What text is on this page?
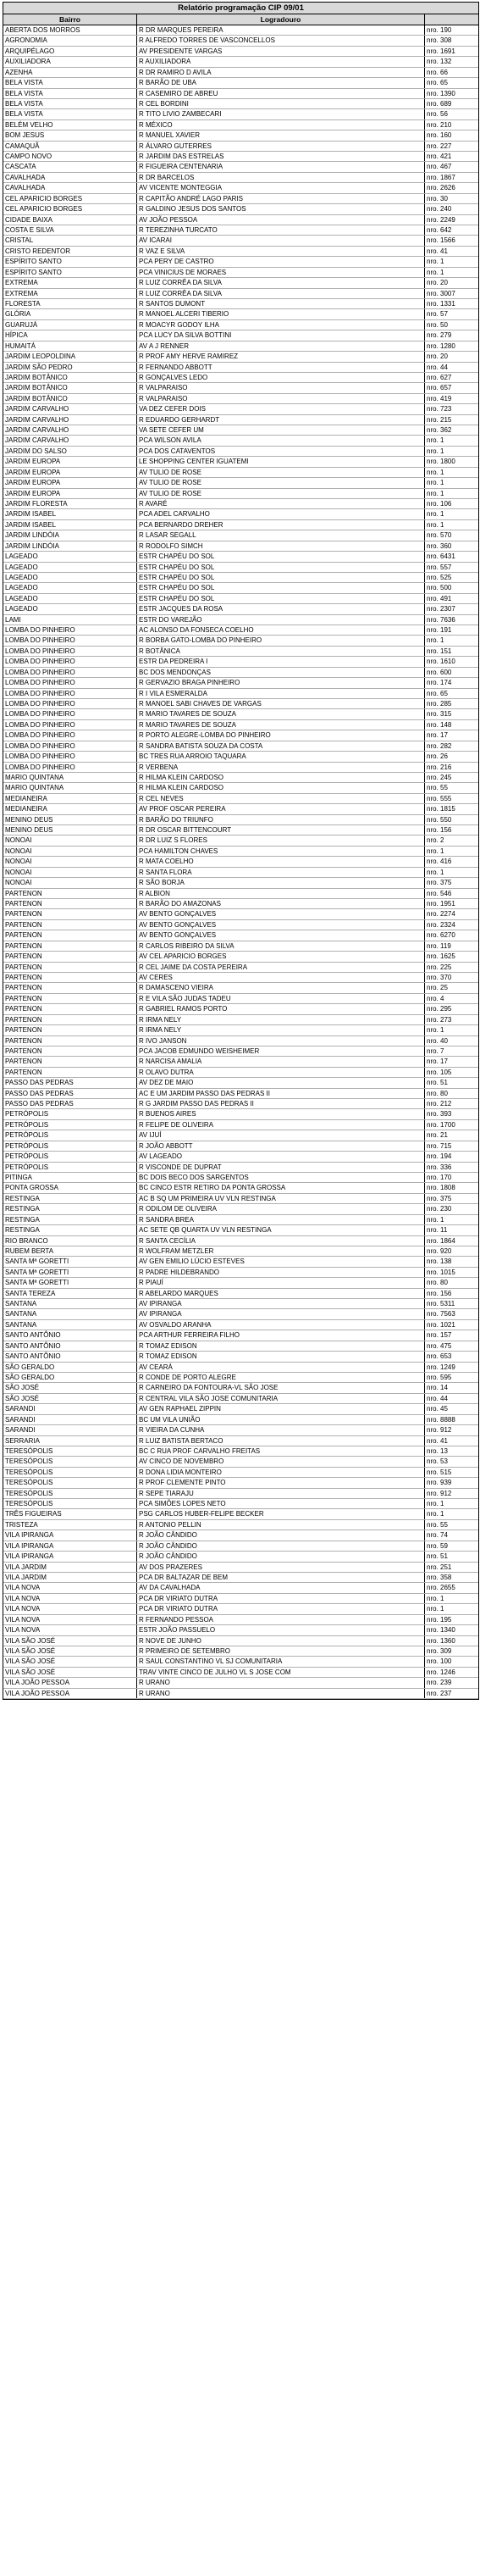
Relatório programação CIP 09/01
Bairro	Logradouro
ABERTA DOS MORROS	R DR MARQUES PEREIRA	nro. 190
AGRONOMIA	R ALFREDO TORRES DE VASCONCELLOS	nro. 308
ARQUIPÉLAGO	AV PRESIDENTE VARGAS	nro. 1691
AUXILIADORA	R AUXILIADORA	nro. 132
AZENHA	R DR RAMIRO D AVILA	nro. 66
BELA VISTA	R BARÃO DE UBA	nro. 65
BELA VISTA	R CASEMIRO DE ABREU	nro. 1390
BELA VISTA	R CEL BORDINI	nro. 689
BELA VISTA	R TITO LIVIO ZAMBECARI	nro. 56
BELÉM VELHO	R MÉXICO	nro. 210
BOM JESUS	R MANUEL XAVIER	nro. 160
CAMAQUÃ	R ÁLVARO GUTERRES	nro. 227
CAMPO NOVO	R JARDIM DAS ESTRELAS	nro. 421
CASCATA	R FIGUEIRA CENTENARIA	nro. 467
CAVALHADA	R DR BARCELOS	nro. 1867
CAVALHADA	AV VICENTE MONTEGGIA	nro. 2626
CEL APARICIO BORGES	R CAPITÃO ANDRÉ LAGO PARIS	nro. 30
CEL APARICIO BORGES	R GALDINO JESUS DOS SANTOS	nro. 240
CIDADE BAIXA	AV JOÃO PESSOA	nro. 2249
COSTA E SILVA	R TEREZINHA TURCATO	nro. 642
CRISTAL	AV ICARAI	nro. 1566
CRISTO REDENTOR	R VAZ E SILVA	nro. 41
ESPÍRITO SANTO	PCA PERY DE CASTRO	nro. 1
ESPÍRITO SANTO	PCA VINICIUS DE MORAES	nro. 1
EXTREMA	R LUIZ CORRÊA DA SILVA	nro. 20
EXTREMA	R LUIZ CORRÊA DA SILVA	nro. 3007
FLORESTA	R SANTOS DUMONT	nro. 1331
GLÓRIA	R MANOEL ALCERI TIBERIO	nro. 57
GUARUJÁ	R MOACYR GODOY ILHA	nro. 50
HÍPICA	PCA LUCY DA SILVA BOTTINI	nro. 279
HUMAITÁ	AV A J RENNER	nro. 1280
JARDIM LEOPOLDINA	R PROF AMY HERVE RAMIREZ	nro. 20
JARDIM SÃO PEDRO	R FERNANDO ABBOTT	nro. 44
JARDIM BOTÂNICO	R GONÇALVES LEDO	nro. 627
JARDIM BOTÂNICO	R VALPARAISO	nro. 657
JARDIM BOTÂNICO	R VALPARAISO	nro. 419
JARDIM CARVALHO	VA DEZ CEFER DOIS	nro. 723
JARDIM CARVALHO	R EDUARDO GERHARDT	nro. 215
JARDIM CARVALHO	VA SETE CEFER UM	nro. 362
JARDIM CARVALHO	PCA WILSON AVILA	nro. 1
JARDIM DO SALSO	PCA DOS CATAVENTOS	nro. 1
JARDIM EUROPA	LE SHOPPING CENTER IGUATEMI	nro. 1800
JARDIM EUROPA	AV TULIO DE ROSE	nro. 1
JARDIM EUROPA	AV TULIO DE ROSE	nro. 1
JARDIM EUROPA	AV TULIO DE ROSE	nro. 1
JARDIM FLORESTA	R AVARÉ	nro. 106
JARDIM ISABEL	PCA ADEL CARVALHO	nro. 1
JARDIM ISABEL	PCA BERNARDO DREHER	nro. 1
JARDIM LINDÓIA	R LASAR SEGALL	nro. 570
JARDIM LINDÓIA	R RODOLFO SIMCH	nro. 360
LAGEADO	ESTR CHAPÉU DO SOL	nro. 6431
LAGEADO	ESTR CHAPÉU DO SOL	nro. 557
LAGEADO	ESTR CHAPÉU DO SOL	nro. 525
LAGEADO	ESTR CHAPÉU DO SOL	nro. 500
LAGEADO	ESTR CHAPÉU DO SOL	nro. 491
LAGEADO	ESTR JACQUES DA ROSA	nro. 2307
LAMI	ESTR DO VAREJÃO	nro. 7636
LOMBA DO PINHEIRO	AC ALONSO DA FONSECA COELHO	nro. 191
LOMBA DO PINHEIRO	R BORBA GATO-LOMBA DO PINHEIRO	nro. 1
LOMBA DO PINHEIRO	R BOTÂNICA	nro. 151
LOMBA DO PINHEIRO	ESTR DA PEDREIRA I	nro. 1610
LOMBA DO PINHEIRO	BC DOS MENDONÇAS	nro. 600
LOMBA DO PINHEIRO	R GERVAZIO BRAGA PINHEIRO	nro. 174
LOMBA DO PINHEIRO	R I VILA ESMERALDA	nro. 65
LOMBA DO PINHEIRO	R MANOEL SABI CHAVES DE VARGAS	nro. 285
LOMBA DO PINHEIRO	R MARIO TAVARES DE SOUZA	nro. 315
LOMBA DO PINHEIRO	R MARIO TAVARES DE SOUZA	nro. 148
LOMBA DO PINHEIRO	R PORTO ALEGRE-LOMBA DO PINHEIRO	nro. 17
LOMBA DO PINHEIRO	R SANDRA BATISTA SOUZA DA COSTA	nro. 282
LOMBA DO PINHEIRO	BC TRES RUA ARROIO TAQUARA	nro. 26
LOMBA DO PINHEIRO	R VERBENA	nro. 216
MARIO QUINTANA	R HILMA KLEIN CARDOSO	nro. 245
MARIO QUINTANA	R HILMA KLEIN CARDOSO	nro. 55
MEDIANEIRA	R CEL NEVES	nro. 555
MEDIANEIRA	AV PROF OSCAR PEREIRA	nro. 1815
MENINO DEUS	R BARÃO DO TRIUNFO	nro. 550
MENINO DEUS	R DR OSCAR BITTENCOURT	nro. 156
NONOAI	R DR LUIZ S FLORES	nro. 2
NONOAI	PCA HAMILTON CHAVES	nro. 1
NONOAI	R MATA COELHO	nro. 416
NONOAI	R SANTA FLORA	nro. 1
NONOAI	R SÃO BORJA	nro. 375
PARTENON	R ALBION	nro. 546
PARTENON	R BARÃO DO AMAZONAS	nro. 1951
PARTENON	AV BENTO GONÇALVES	nro. 2274
PARTENON	AV BENTO GONÇALVES	nro. 2324
PARTENON	AV BENTO GONÇALVES	nro. 6270
PARTENON	R CARLOS RIBEIRO DA SILVA	nro. 119
PARTENON	AV CEL APARICIO BORGES	nro. 1625
PARTENON	R CEL JAIME DA COSTA PEREIRA	nro. 225
PARTENON	AV CERES	nro. 370
PARTENON	R DAMASCENO VIEIRA	nro. 25
PARTENON	R E VILA SÃO JUDAS TADEU	nro. 4
PARTENON	R GABRIEL RAMOS PORTO	nro. 295
PARTENON	R IRMA NELY	nro. 273
PARTENON	R IRMA NELY	nro. 1
PARTENON	R IVO JANSON	nro. 40
PARTENON	PCA JACOB EDMUNDO WEISHEIMER	nro. 7
PARTENON	R NARCISA AMALIA	nro. 17
PARTENON	R OLAVO DUTRA	nro. 105
PASSO DAS PEDRAS	AV DEZ DE MAIO	nro. 51
PASSO DAS PEDRAS	AC E UM JARDIM PASSO DAS PEDRAS II	nro. 80
PASSO DAS PEDRAS	R G JARDIM PASSO DAS PEDRAS II	nro. 212
PETRÓPOLIS	R BUENOS AIRES	nro. 393
PETRÓPOLIS	R FELIPE DE OLIVEIRA	nro. 1700
PETRÓPOLIS	AV IJUÍ	nro. 21
PETRÓPOLIS	R JOÃO ABBOTT	nro. 715
PETRÓPOLIS	AV LAGEADO	nro. 194
PETRÓPOLIS	R VISCONDE DE DUPRAT	nro. 336
PITINGA	BC DOIS BECO DOS SARGENTOS	nro. 170
PONTA GROSSA	BC CINCO ESTR RETIRO DA PONTA GROSSA	nro. 1808
RESTINGA	AC B SQ UM PRIMEIRA UV VLN RESTINGA	nro. 375
RESTINGA	R ODILOM DE OLIVEIRA	nro. 230
RESTINGA	R SANDRA BREA	nro. 1
RESTINGA	AC SETE QB QUARTA UV VLN RESTINGA	nro. 11
RIO BRANCO	R SANTA CECÍLIA	nro. 1864
RUBEM BERTA	R WOLFRAM METZLER	nro. 920
SANTA Mª GORETTI	AV GEN EMILIO LÚCIO ESTEVES	nro. 138
SANTA Mª GORETTI	R PADRE HILDEBRANDO	nro. 1015
SANTA Mª GORETTI	R PIAUÍ	nro. 80
SANTA TEREZA	R ABELARDO MARQUES	nro. 156
SANTANA	AV IPIRANGA	nro. 5311
SANTANA	AV IPIRANGA	nro. 7563
SANTANA	AV OSVALDO ARANHA	nro. 1021
SANTO ANTÔNIO	PCA ARTHUR FERREIRA FILHO	nro. 157
SANTO ANTÔNIO	R TOMAZ EDISON	nro. 475
SANTO ANTÔNIO	R TOMAZ EDISON	nro. 653
SÃO GERALDO	AV CEARÁ	nro. 1249
SÃO GERALDO	R CONDE DE PORTO ALEGRE	nro. 595
SÃO JOSÉ	R CARNEIRO DA FONTOURA-VL SÃO JOSE	nro. 14
SÃO JOSÉ	R CENTRAL VILA SÃO JOSE COMUNITARIA	nro. 44
SARANDI	AV GEN RAPHAEL ZIPPIN	nro. 45
SARANDI	BC UM VILA UNIÃO	nro. 8888
SARANDI	R VIEIRA DA CUNHA	nro. 912
SERRARIA	R LUIZ BATISTA BERTACO	nro. 41
TERESÓPOLIS	BC C RUA PROF CARVALHO FREITAS	nro. 13
TERESÓPOLIS	AV CINCO DE NOVEMBRO	nro. 53
TERESÓPOLIS	R DONA LIDIA MONTEIRO	nro. 515
TERESÓPOLIS	R PROF CLEMENTE PINTO	nro. 939
TERESÓPOLIS	R SEPE TIARAJU	nro. 912
TERESÓPOLIS	PCA SIMÕES LOPES NETO	nro. 1
TRÊS FIGUEIRAS	PSG CARLOS HUBER-FELIPE BECKER	nro. 1
TRISTEZA	R ANTONIO PELLIN	nro. 55
VILA IPIRANGA	R JOÃO CÂNDIDO	nro. 74
VILA IPIRANGA	R JOÃO CÂNDIDO	nro. 59
VILA IPIRANGA	R JOÃO CÂNDIDO	nro. 51
VILA JARDIM	AV DOS PRAZERES	nro. 251
VILA JARDIM	PCA DR BALTAZAR DE BEM	nro. 358
VILA NOVA	AV DA CAVALHADA	nro. 2655
VILA NOVA	PCA DR VIRIATO DUTRA	nro. 1
VILA NOVA	PCA DR VIRIATO DUTRA	nro. 1
VILA NOVA	R FERNANDO PESSOA	nro. 195
VILA NOVA	ESTR JOÃO PASSUELO	nro. 1340
VILA SÃO JOSÉ	R NOVE DE JUNHO	nro. 1360
VILA SÃO JOSÉ	R PRIMEIRO DE SETEMBRO	nro. 309
VILA SÃO JOSÉ	R SAUL CONSTANTINO VL SJ COMUNITARIA	nro. 100
VILA SÃO JOSÉ	TRAV VINTE CINCO DE JULHO VL S JOSE COM	nro. 1246
VILA JOÃO PESSOA	R URANO	nro. 239
VILA JOÃO PESSOA	R URANO	nro. 237
